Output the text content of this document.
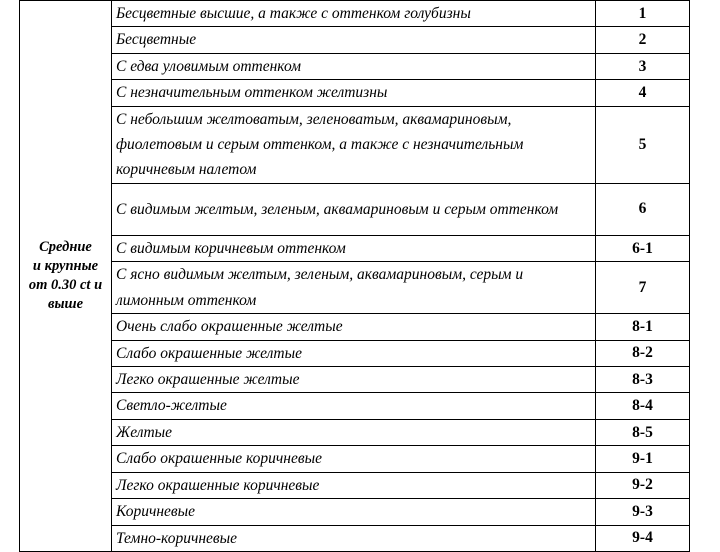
Средние
и крупные
от 0.30 ct и
выше	Бесцветные высшие, а также с оттенком голубизны	1
	Бесцветные	2
	С едва уловимым оттенком	3
	С незначительным оттенком желтизны	4
	С небольшим желтоватым, зеленоватым, аквамариновым, фиолетовым и серым оттенком, а также с незначительным коричневым налетом	5
	С видимым желтым, зеленым, аквамариновым и серым оттенком	6
	С видимым коричневым оттенком	6-1
	С ясно видимым желтым, зеленым, аквамариновым, серым и лимонным оттенком	7
	Очень слабо окрашенные желтые	8-1
	Слабо окрашенные желтые	8-2
	Легко окрашенные желтые	8-3
	Светло-желтые	8-4
	Желтые	8-5
	Слабо окрашенные коричневые	9-1
	Легко окрашенные коричневые	9-2
	Коричневые	9-3
	Темно-коричневые	9-4
